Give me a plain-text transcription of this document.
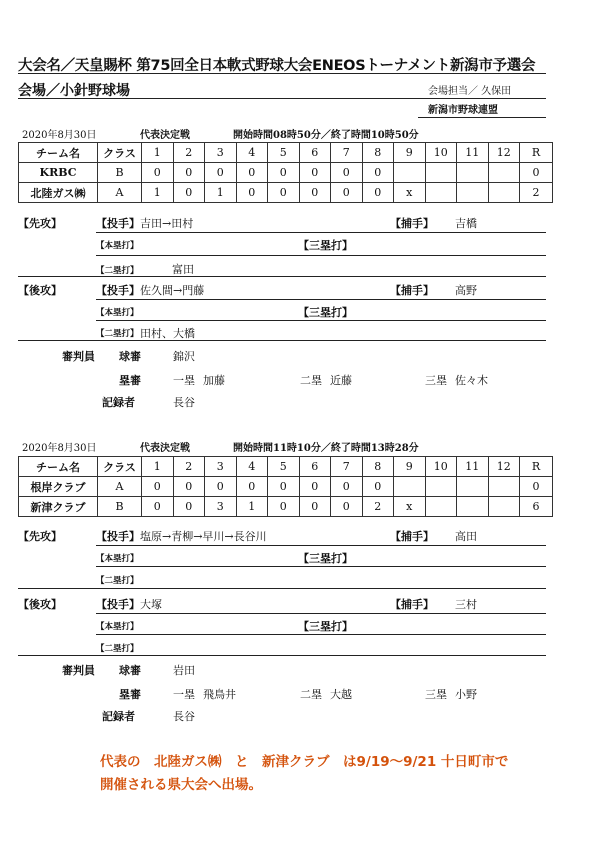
大会名／天皇賜杯 第75回全日本軟式野球大会ENEOSトーナメント新潟市予選会
会場／小針野球場	会場担当／ 久保田
新潟市野球連盟
2020年8月30日	代表決定戦	開始時間08時50分／終了時間10時50分
チーム名	クラス	1	2	3	4	5	6	7	8	9	10	11	12	R
KRBC	B	0	0	0	0	0	0	0	0					0
北陸ガス㈱	A	1	0	1	0	0	0	0	0	x				2
【先攻】	【投手】 吉田→田村	【捕手】 吉橋
【本塁打】	【三塁打】
【二塁打】	富田
【後攻】	【投手】 佐久間→門藤	【捕手】 高野
【本塁打】	【三塁打】
【二塁打】 田村、大橋
審判員 球審	錦沢
塁審	一塁 加藤	二塁 近藤	三塁 佐々木
記録者	長谷
2020年8月30日	代表決定戦	開始時間11時10分／終了時間13時28分
チーム名	クラス	1	2	3	4	5	6	7	8	9	10	11	12	R
根岸クラブ	A	0	0	0	0	0	0	0	0					0
新津クラブ	B	0	0	3	1	0	0	0	2	x				6
【先攻】	【投手】 塩原→青柳→早川→長谷川	【捕手】 高田
【本塁打】	【三塁打】
【二塁打】
【後攻】	【投手】 大塚	【捕手】 三村
【本塁打】	【三塁打】
【二塁打】
審判員 球審	岩田
塁審	一塁 飛鳥井	二塁 大越	三塁 小野
記録者	長谷
代表の　北陸ガス㈱　と　新津クラブ　は9/19～9/21 十日町市で
開催される県大会へ出場。
